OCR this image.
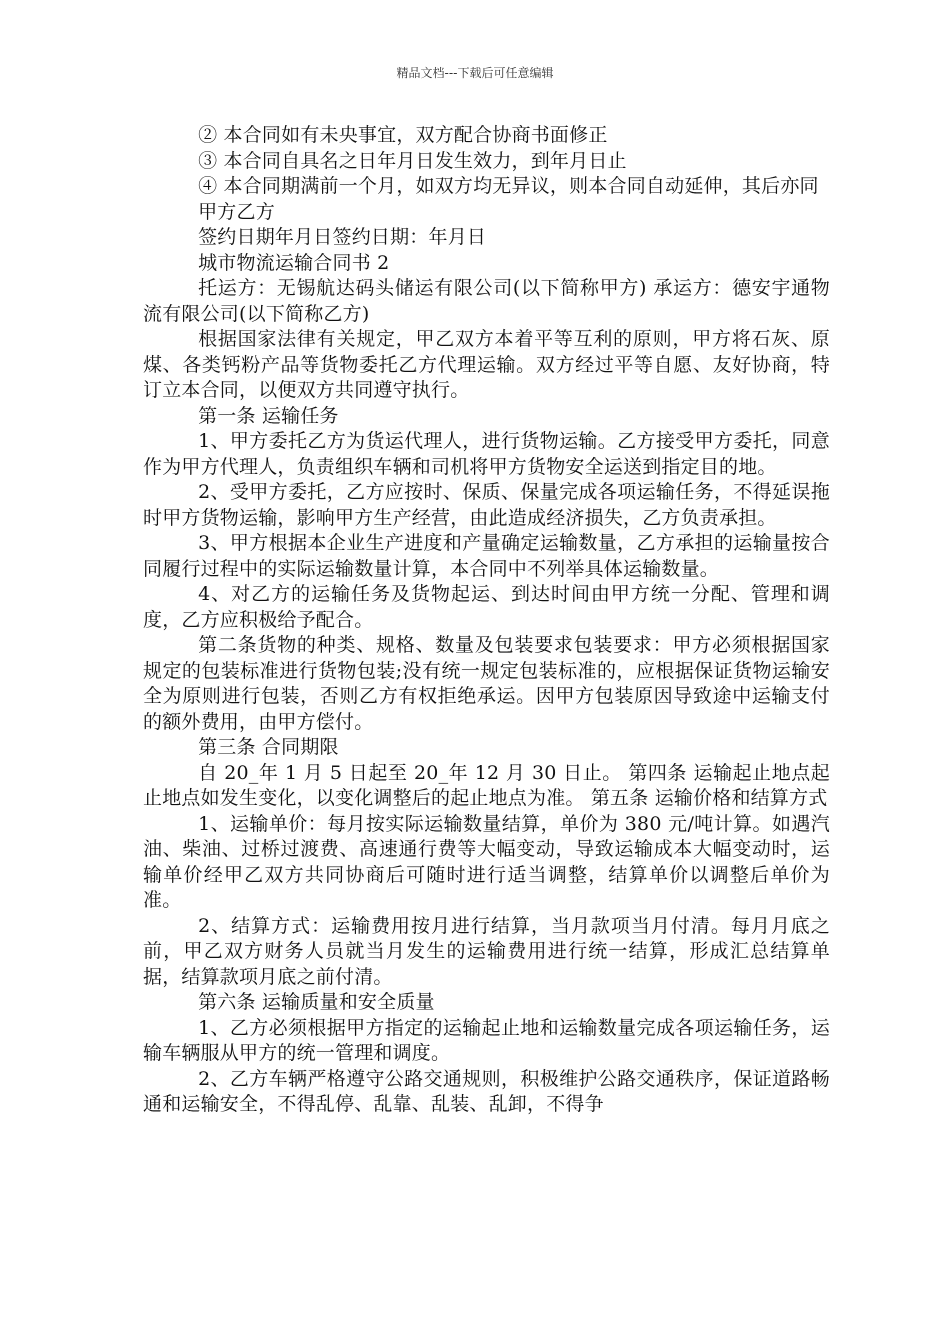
精品文档---下载后可任意编辑

② 本合同如有未央事宜，双方配合协商书面修正

③ 本合同自具名之日年月日发生效力，到年月日止

④ 本合同期满前一个月，如双方均无异议，则本合同自动延伸，其后亦同

甲方乙方

签约日期年月日签约日期：年月日

城市物流运输合同书 2

托运方：无锡航达码头储运有限公司(以下简称甲方) 承运方：德安宇通物流有限公司(以下简称乙方)

根据国家法律有关规定，甲乙双方本着平等互利的原则，甲方将石灰、原煤、各类钙粉产品等货物委托乙方代理运输。双方经过平等自愿、友好协商，特订立本合同，以便双方共同遵守执行。

第一条 运输任务

1、甲方委托乙方为货运代理人，进行货物运输。乙方接受甲方委托，同意作为甲方代理人，负责组织车辆和司机将甲方货物安全运送到指定目的地。

2、受甲方委托，乙方应按时、保质、保量完成各项运输任务，不得延误拖时甲方货物运输，影响甲方生产经营，由此造成经济损失，乙方负责承担。

3、甲方根据本企业生产进度和产量确定运输数量，乙方承担的运输量按合同履行过程中的实际运输数量计算，本合同中不列举具体运输数量。

4、对乙方的运输任务及货物起运、到达时间由甲方统一分配、管理和调度，乙方应积极给予配合。

第二条货物的种类、规格、数量及包装要求包装要求：甲方必须根据国家规定的包装标准进行货物包装;没有统一规定包装标准的，应根据保证货物运输安全为原则进行包装，否则乙方有权拒绝承运。因甲方包装原因导致途中运输支付的额外费用，由甲方偿付。

第三条 合同期限

自 20_年 1 月 5 日起至 20_年 12 月 30 日止。 第四条 运输起止地点起止地点如发生变化，以变化调整后的起止地点为准。 第五条 运输价格和结算方式

1、运输单价：每月按实际运输数量结算，单价为 380 元/吨计算。如遇汽油、柴油、过桥过渡费、高速通行费等大幅变动，导致运输成本大幅变动时，运输单价经甲乙双方共同协商后可随时进行适当调整，结算单价以调整后单价为准。

2、结算方式：运输费用按月进行结算，当月款项当月付清。每月月底之前，甲乙双方财务人员就当月发生的运输费用进行统一结算，形成汇总结算单据，结算款项月底之前付清。

第六条 运输质量和安全质量

1、乙方必须根据甲方指定的运输起止地和运输数量完成各项运输任务，运输车辆服从甲方的统一管理和调度。

2、乙方车辆严格遵守公路交通规则，积极维护公路交通秩序，保证道路畅通和运输安全，不得乱停、乱靠、乱装、乱卸，不得争
